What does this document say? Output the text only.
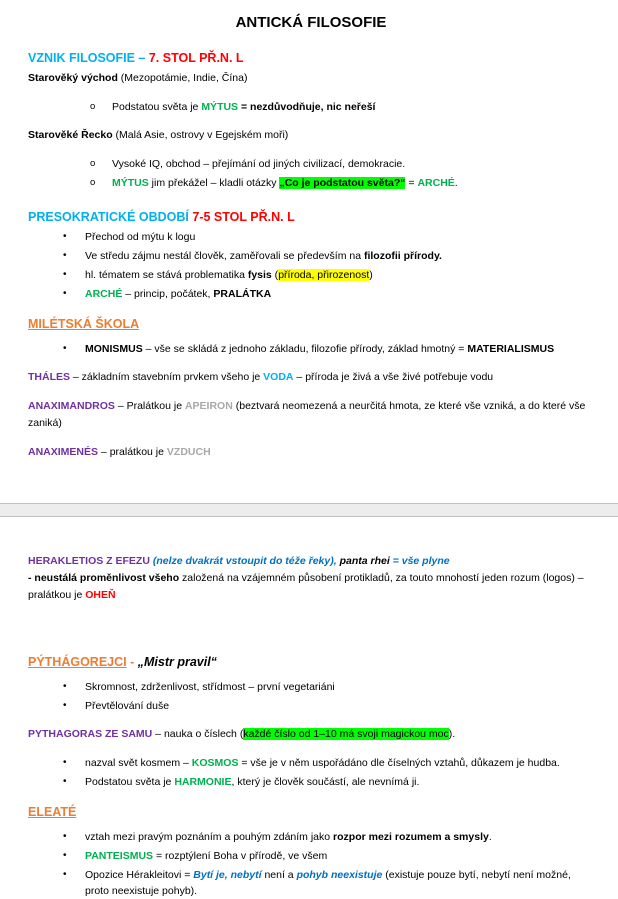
ANTICKÁ FILOSOFIE
VZNIK FILOSOFIE – 7. STOL PŘ.N. L
Starověký východ (Mezopotámie, Indie, Čína)
o	Podstatou světa je MÝTUS = nezdůvodňuje, nic neřeší
Starověké Řecko (Malá Asie, ostrovy v Egejském moři)
o	Vysoké IQ, obchod – přejímání od jiných civilizací, demokracie.
o	MÝTUS jim překážel – kladli otázky „Co je podstatou světa?“ = ARCHÉ.
PRESOKRATICKÉ OBDOBÍ 7-5 STOL PŘ.N. L
•	Přechod od mýtu k logu
•	Ve středu zájmu nestál člověk, zaměřovali se především na filozofii přírody.
•	hl. tématem se stává problematika fysis (příroda, přirozenost)
•	ARCHÉ – princip, počátek, PRALÁTKA
MILÉTSKÁ ŠKOLA
•	MONISMUS – vše se skládá z jednoho základu, filozofie přírody, základ hmotný = MATERIALISMUS
THÁLES – základním stavebním prvkem všeho je VODA – příroda je živá a vše živé potřebuje vodu
ANAXIMANDROS – Pralátkou je APEIRON (beztvará neomezená a neurčitá hmota, ze které vše vzniká, a do které vše zaniká)
ANAXIMENÉS – pralátkou je VZDUCH
HERAKLETIOS Z EFEZU (nelze dvakrát vstoupit do téže řeky), panta rhei = vše plyne
- neustálá proměnlivost všeho založená na vzájemném působení protikladů, za touto mnohostí jeden rozum (logos) – pralátkou je OHEŇ
PÝTHÁGOREJCI - „Mistr pravil“
•	Skromnost, zdrženlivost, střídmost – první vegetariáni
•	Převtělování duše
PYTHAGORAS ZE SAMU – nauka o číslech (každé číslo od 1–10 má svoji magickou moc).
•	nazval svět kosmem – KOSMOS = vše je v něm uspořádáno dle číselných vztahů, důkazem je hudba.
•	Podstatou světa je HARMONIE, který je člověk součástí, ale nevnímá ji.
ELEATÉ
•	vztah mezi pravým poznáním a pouhým zdáním jako rozpor mezi rozumem a smysly.
•	PANTEISMUS = rozptýlení Boha v přírodě, ve všem
•	Opozice Hérakleitovi = Bytí je, nebytí není a pohyb neexistuje (existuje pouze bytí, nebytí není možné, proto neexistuje pohyb).
